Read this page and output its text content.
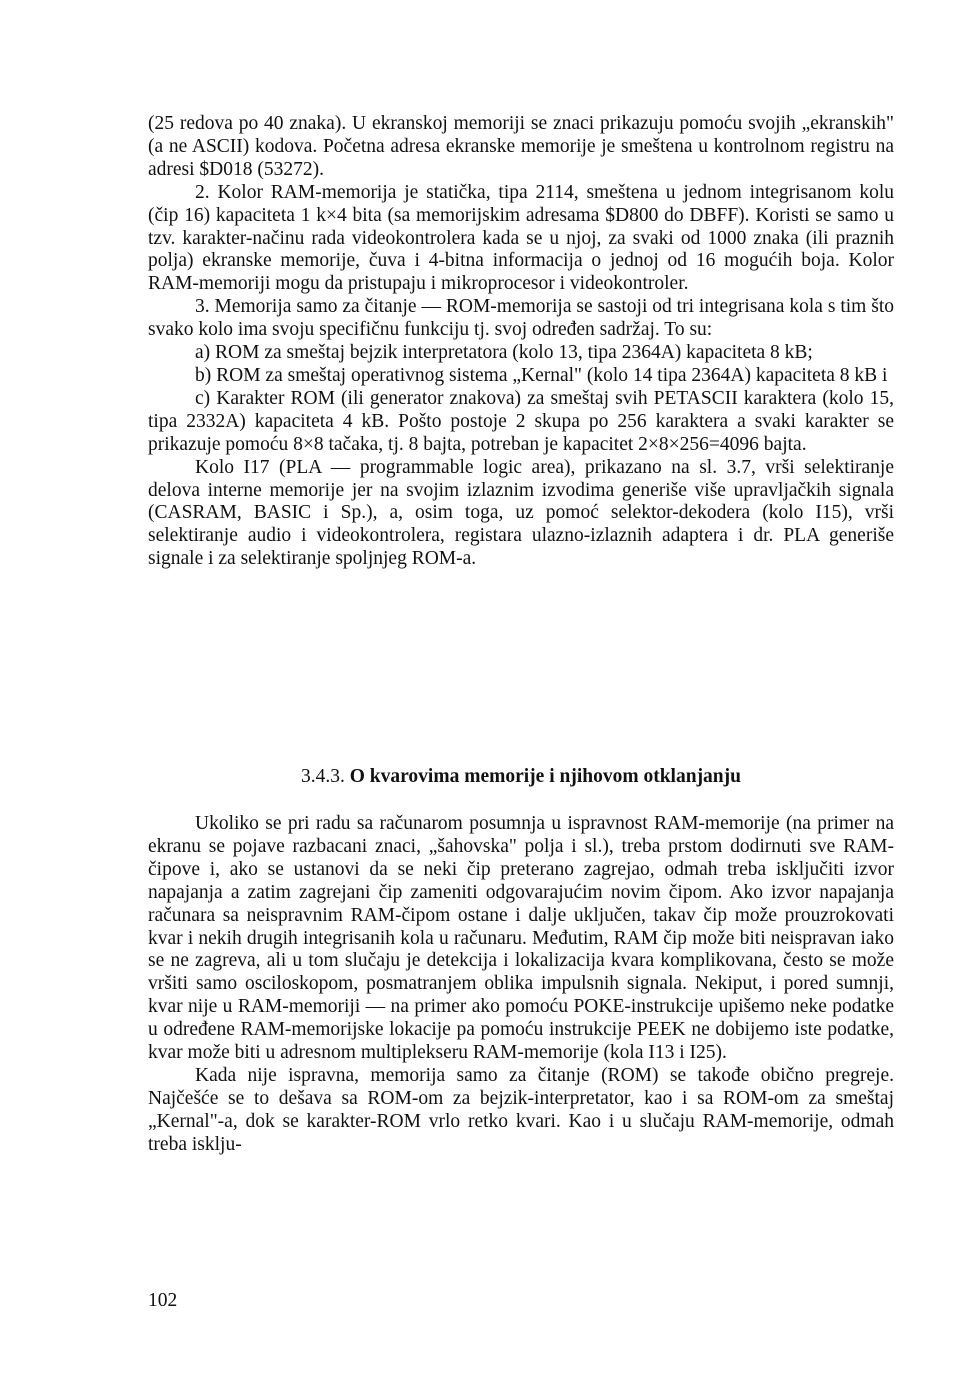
(25 redova po 40 znaka). U ekranskoj memoriji se znaci prikazuju pomoću svojih „ekranskih" (a ne ASCII) kodova. Početna adresa ekranske memorije je smeštena u kontrolnom registru na adresi $D018 (53272).

2. Kolor RAM-memorija je statička, tipa 2114, smeštena u jednom integrisanom kolu (čip 16) kapaciteta 1 k×4 bita (sa memorijskim adresama $D800 do DBFF). Koristi se samo u tzv. karakter-načinu rada videokontrolera kada se u njoj, za svaki od 1000 znaka (ili praznih polja) ekranske memorije, čuva i 4-bitna informacija o jednoj od 16 mogućih boja. Kolor RAM-memoriji mogu da pristupaju i mikroprocesor i videokontroler.

3. Memorija samo za čitanje — ROM-memorija se sastoji od tri integrisana kola s tim što svako kolo ima svoju specifičnu funkciju tj. svoj određen sadržaj. To su:

a) ROM za smeštaj bejzik interpretatora (kolo 13, tipa 2364A) kapaciteta 8 kB;

b) ROM za smeštaj operativnog sistema „Kernal" (kolo 14 tipa 2364A) kapaciteta 8 kB i

c) Karakter ROM (ili generator znakova) za smeštaj svih PETASCII karaktera (kolo 15, tipa 2332A) kapaciteta 4 kB. Pošto postoje 2 skupa po 256 karaktera a svaki karakter se prikazuje pomoću 8×8 tačaka, tj. 8 bajta, potreban je kapacitet 2×8×256=4096 bajta.

Kolo I17 (PLA — programmable logic area), prikazano na sl. 3.7, vrši selektiranje delova interne memorije jer na svojim izlaznim izvodima generiše više upravljačkih signala (CASRAM, BASIC i Sp.), a, osim toga, uz pomoć selektor-dekodera (kolo I15), vrši selektiranje audio i videokontrolera, registara ulazno-izlaznih adaptera i dr. PLA generiše signale i za selektiranje spoljnjeg ROM-a.

3.4.3. O kvarovima memorije i njihovom otklanjanju

Ukoliko se pri radu sa računarom posumnja u ispravnost RAM-memorije (na primer na ekranu se pojave razbacani znaci, „šahovska" polja i sl.), treba prstom dodirnuti sve RAM-čipove i, ako se ustanovi da se neki čip preterano zagrejao, odmah treba isključiti izvor napajanja a zatim zagrejani čip zameniti odgovarajućim novim čipom. Ako izvor napajanja računara sa neispravnim RAM-čipom ostane i dalje uključen, takav čip može prouzrokovati kvar i nekih drugih integrisanih kola u računaru. Međutim, RAM čip može biti neispravan iako se ne zagreva, ali u tom slučaju je detekcija i lokalizacija kvara komplikovana, često se može vršiti samo osciloskopom, posmatranjem oblika impulsnih signala. Nekiput, i pored sumnji, kvar nije u RAM-memoriji — na primer ako pomoću POKE-instrukcije upišemo neke podatke u određene RAM-memorijske lokacije pa pomoću instrukcije PEEK ne dobijemo iste podatke, kvar može biti u adresnom multiplekseru RAM-memorije (kola I13 i I25).

Kada nije ispravna, memorija samo za čitanje (ROM) se takođe obično pregreje. Najčešće se to dešava sa ROM-om za bejzik-interpretator, kao i sa ROM-om za smeštaj „Kernal"-a, dok se karakter-ROM vrlo retko kvari. Kao i u slučaju RAM-memorije, odmah treba isklju-

102
